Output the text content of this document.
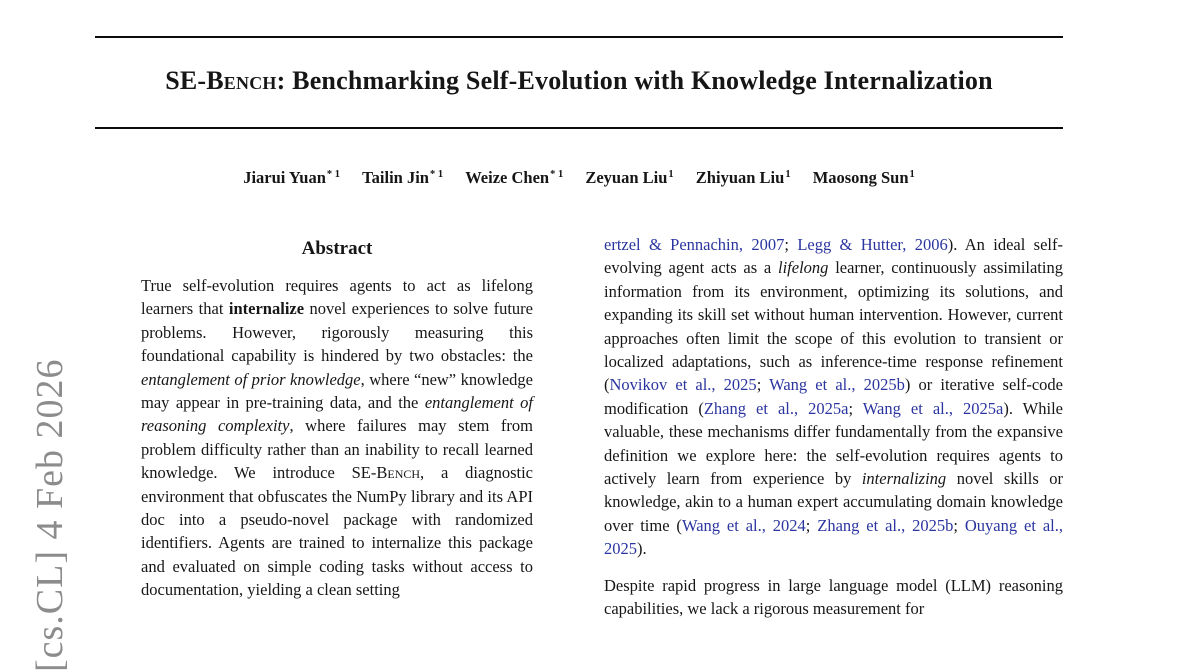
[cs.CL] 4 Feb 2026
SE-Bench: Benchmarking Self-Evolution with Knowledge Internalization
Jiarui Yuan$^{* 1}$ Tailin Jin$^{* 1}$ Weize Chen$^{* 1}$ Zeyuan Liu$^1$ Zhiyuan Liu$^1$ Maosong Sun$^1$
Abstract

True self-evolution requires agents to act as lifelong learners that internalize novel experiences to solve future problems. However, rigorously measuring this foundational capability is hindered by two obstacles: the entanglement of prior knowledge, where “new” knowledge may appear in pre-training data, and the entanglement of reasoning complexity, where failures may stem from problem difficulty rather than an inability to recall learned knowledge. We introduce SE-Bench, a diagnostic environment that obfuscates the NumPy library and its API doc into a pseudo-novel package with randomized identifiers. Agents are trained to internalize this package and evaluated on simple coding tasks without access to documentation, yielding a clean setting

ertzel & Pennachin, 2007; Legg & Hutter, 2006). An ideal self-evolving agent acts as a lifelong learner, continuously assimilating information from its environment, optimizing its solutions, and expanding its skill set without human intervention. However, current approaches often limit the scope of this evolution to transient or localized adaptations, such as inference-time response refinement (Novikov et al., 2025; Wang et al., 2025b) or iterative self-code modification (Zhang et al., 2025a; Wang et al., 2025a). While valuable, these mechanisms differ fundamentally from the expansive definition we explore here: the self-evolution requires agents to actively learn from experience by internalizing novel skills or knowledge, akin to a human expert accumulating domain knowledge over time (Wang et al., 2024; Zhang et al., 2025b; Ouyang et al., 2025).

Despite rapid progress in large language model (LLM) reasoning capabilities, we lack a rigorous measurement for
